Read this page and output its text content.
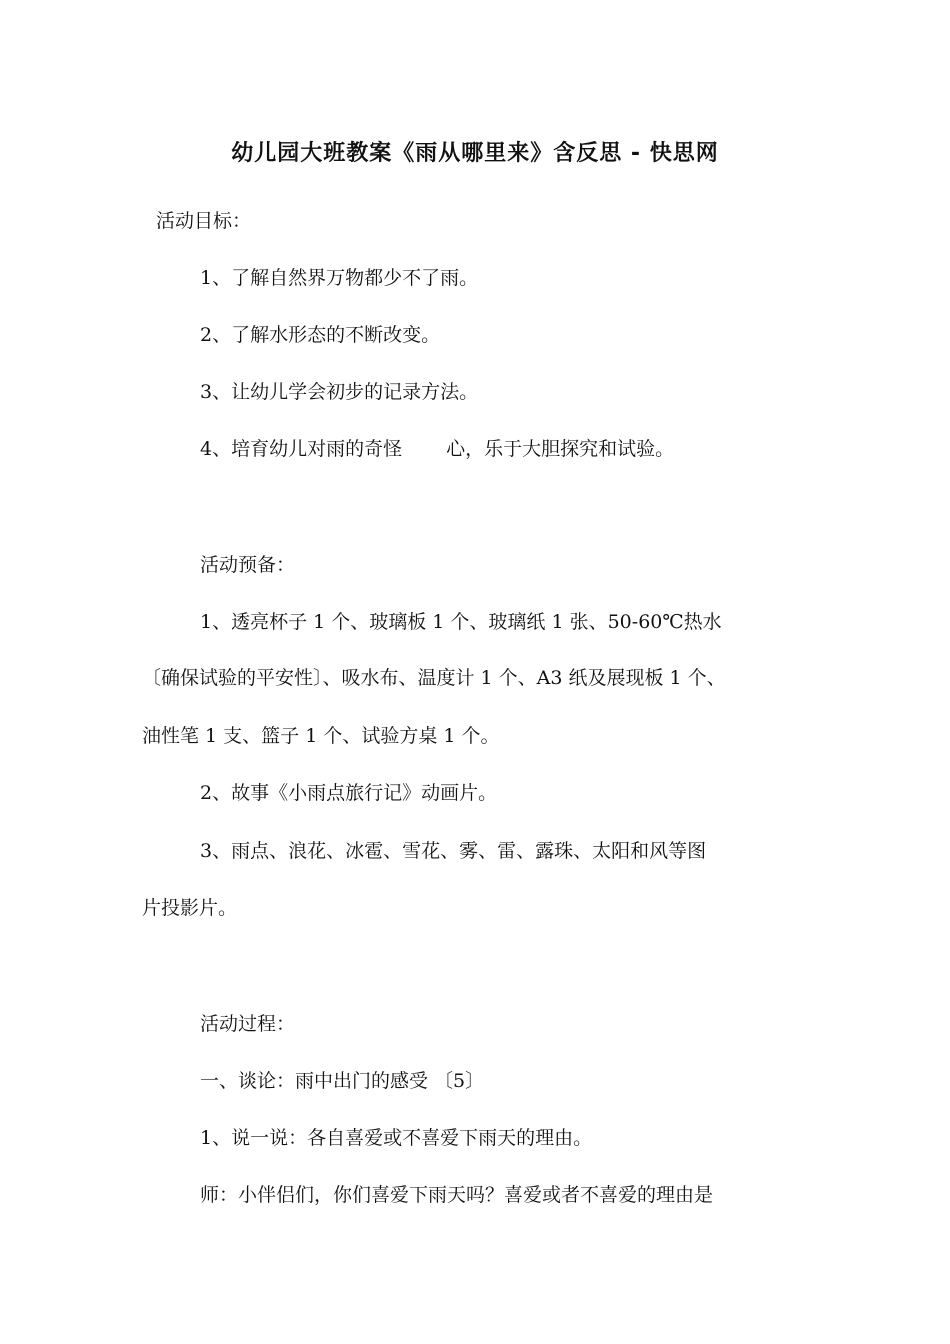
幼儿园大班教案《雨从哪里来》含反思 - 快思网
活动目标：
1、了解自然界万物都少不了雨。
2、了解水形态的不断改变。
3、让幼儿学会初步的记录方法。
4、培育幼儿对雨的奇怪 心，乐于大胆探究和试验。
活动预备：
1、透亮杯子 1 个、玻璃板 1 个、玻璃纸 1 张、50-60℃热水
〔确保试验的平安性〕、吸水布、温度计 1 个、A3 纸及展现板 1 个、
油性笔 1 支、篮子 1 个、试验方桌 1 个。
2、故事《小雨点旅行记》动画片。
3、雨点、浪花、冰雹、雪花、雾、雷、露珠、太阳和风等图
片投影片。
活动过程：
一、谈论：雨中出门的感受 〔5〕
1、说一说：各自喜爱或不喜爱下雨天的理由。
师：小伴侣们，你们喜爱下雨天吗？喜爱或者不喜爱的理由是
